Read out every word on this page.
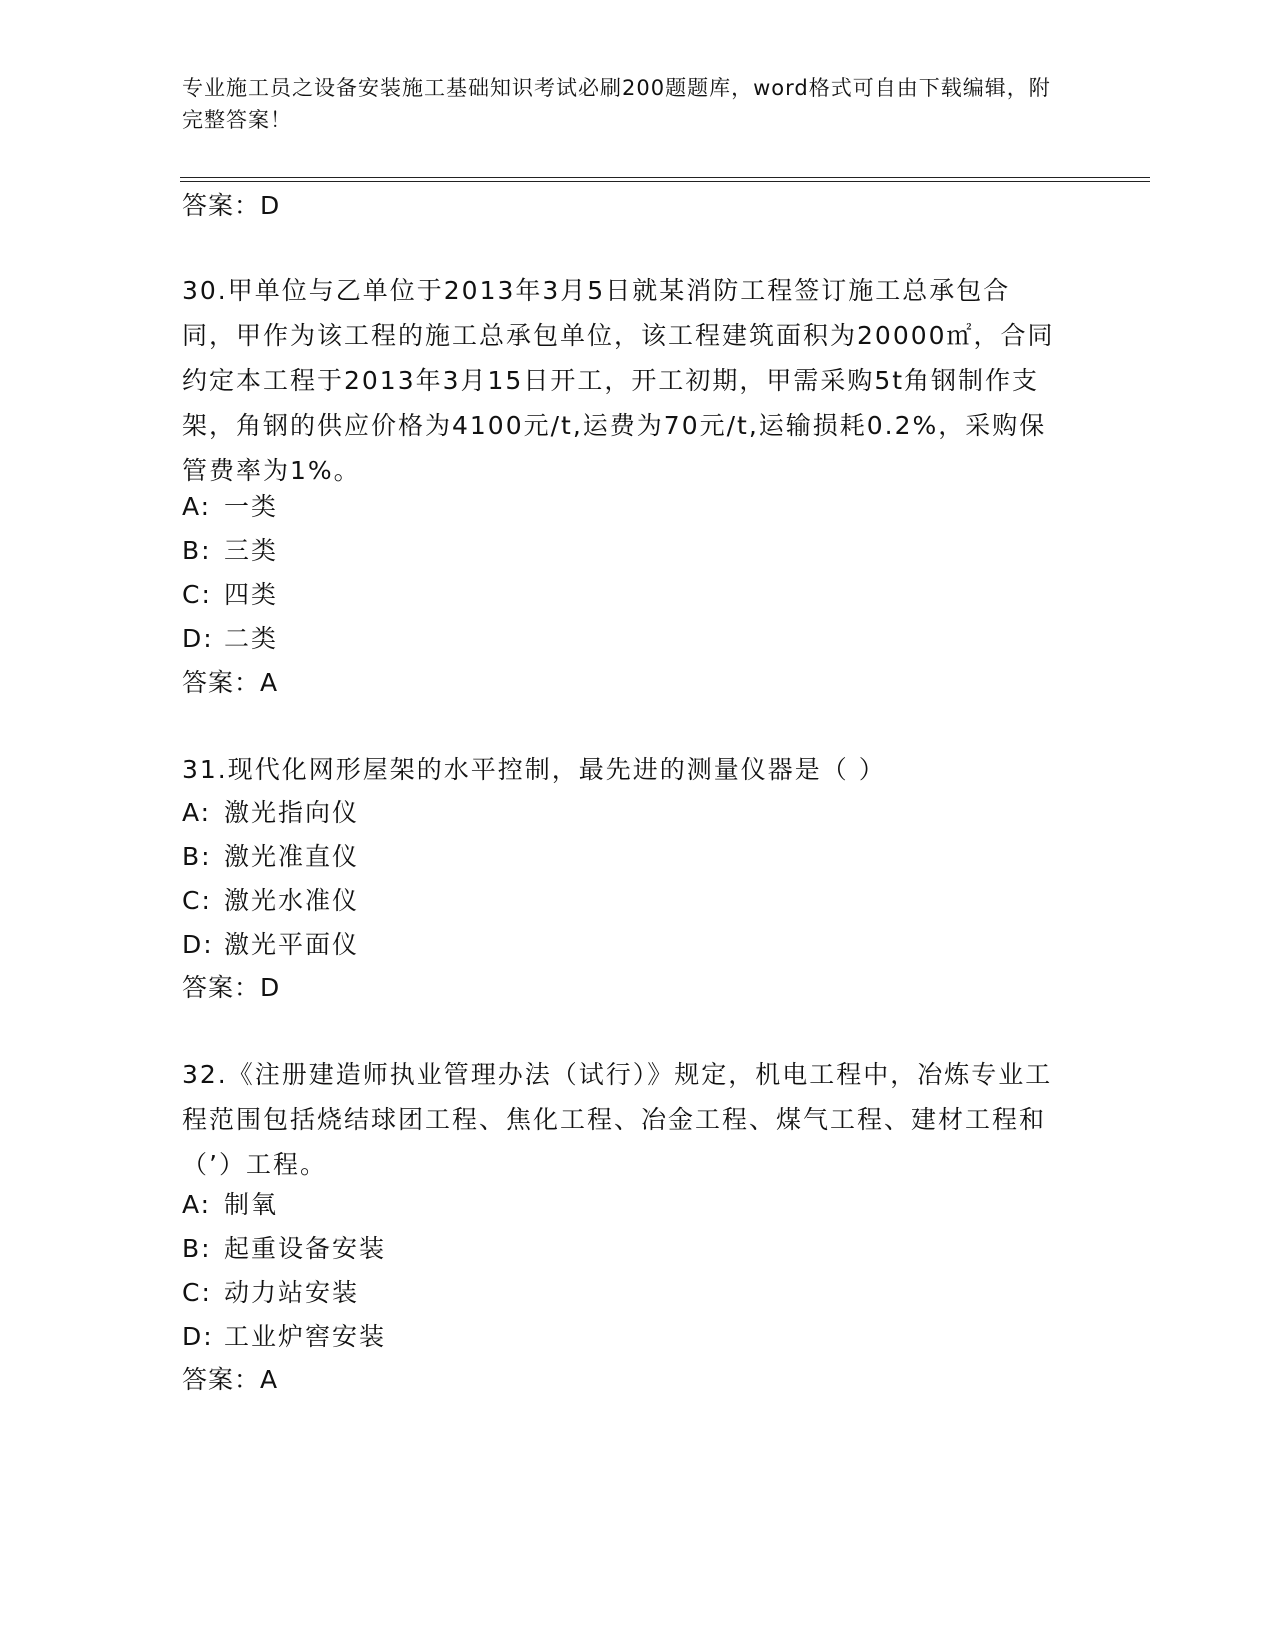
专业施工员之设备安装施工基础知识考试必刷200题题库，word格式可自由下载编辑，附完整答案！
答案：D
30.甲单位与乙单位于2013年3月5日就某消防工程签订施工总承包合同，甲作为该工程的施工总承包单位，该工程建筑面积为20000㎡，合同约定本工程于2013年3月15日开工，开工初期，甲需采购5t角钢制作支架，角钢的供应价格为4100元/t,运费为70元/t,运输损耗0.2%，采购保管费率为1%。
A: 一类
B: 三类
C: 四类
D: 二类
答案：A
31.现代化网形屋架的水平控制，最先进的测量仪器是（ ）
A: 激光指向仪
B: 激光准直仪
C: 激光水准仪
D: 激光平面仪
答案：D
32.《注册建造师执业管理办法（试行）》规定，机电工程中，冶炼专业工程范围包括烧结球团工程、焦化工程、冶金工程、煤气工程、建材工程和（’）工程。
A: 制氧
B: 起重设备安装
C: 动力站安装
D: 工业炉窖安装
答案：A
